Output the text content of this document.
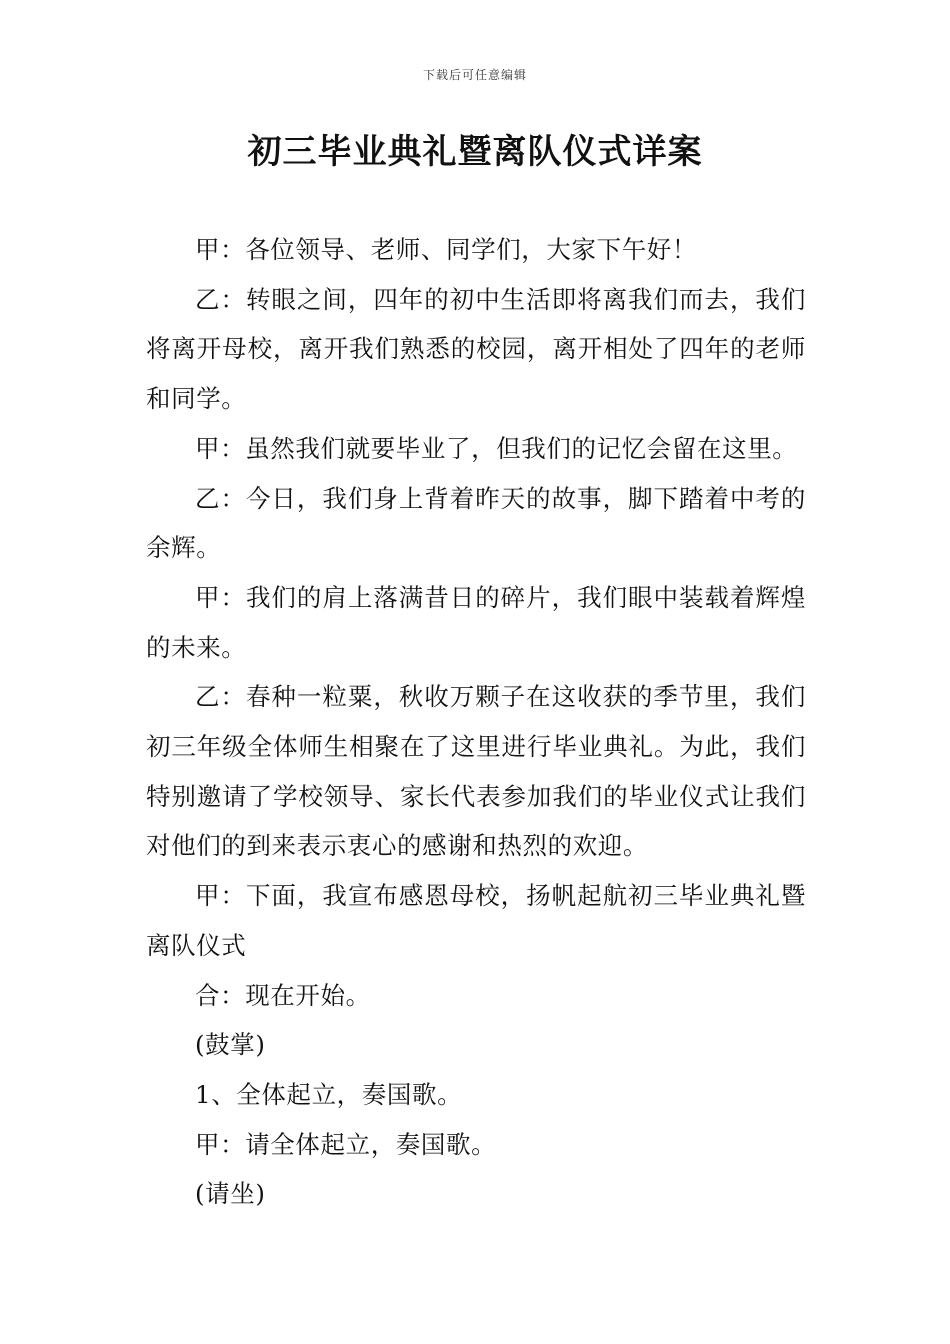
下载后可任意编辑
初三毕业典礼暨离队仪式详案

甲：各位领导、老师、同学们，大家下午好！

乙：转眼之间，四年的初中生活即将离我们而去，我们将离开母校，离开我们熟悉的校园，离开相处了四年的老师和同学。

甲：虽然我们就要毕业了，但我们的记忆会留在这里。

乙：今日，我们身上背着昨天的故事，脚下踏着中考的余辉。

甲：我们的肩上落满昔日的碎片，我们眼中装载着辉煌的未来。

乙：春种一粒粟，秋收万颗子在这收获的季节里，我们初三年级全体师生相聚在了这里进行毕业典礼。为此，我们特别邀请了学校领导、家长代表参加我们的毕业仪式让我们对他们的到来表示衷心的感谢和热烈的欢迎。

甲：下面，我宣布感恩母校，扬帆起航初三毕业典礼暨离队仪式

合：现在开始。

(鼓掌)

1、全体起立，奏国歌。

甲：请全体起立，奏国歌。

(请坐)
